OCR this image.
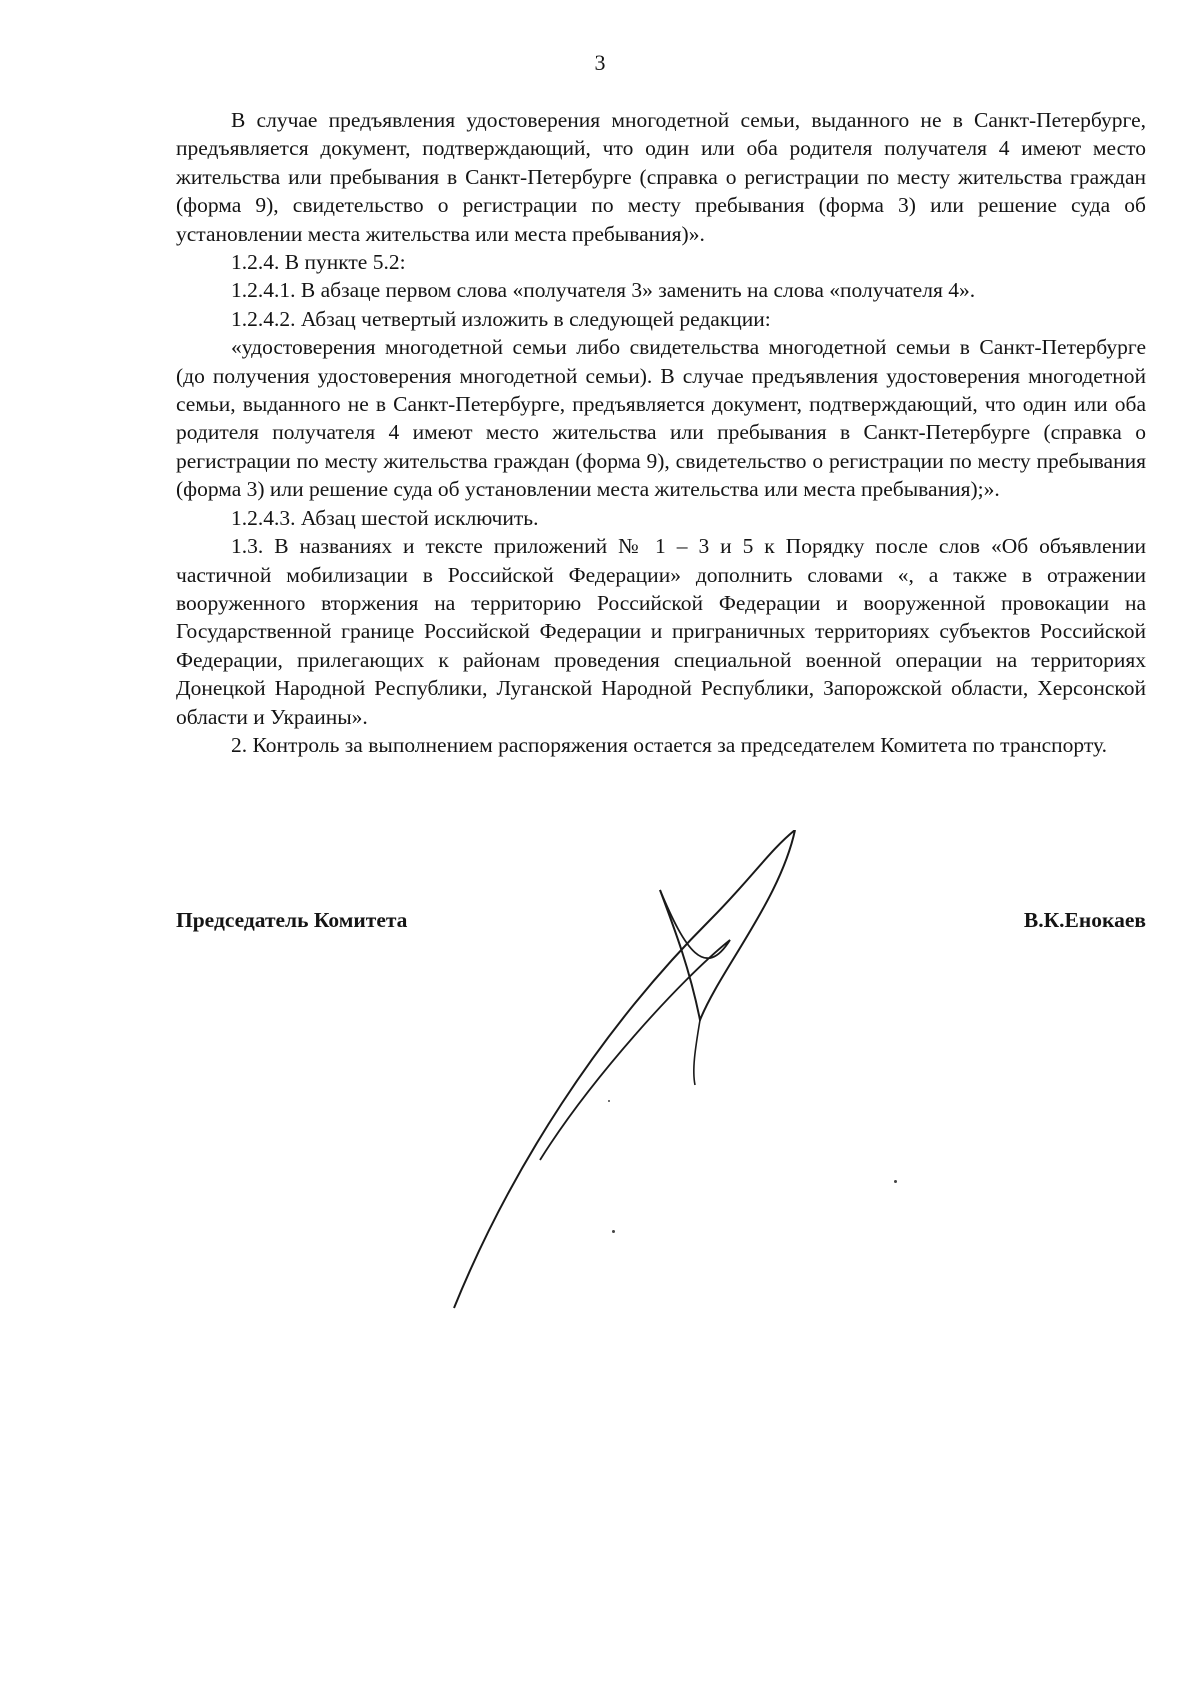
3

В случае предъявления удостоверения многодетной семьи, выданного не в Санкт-Петербурге, предъявляется документ, подтверждающий, что один или оба родителя получателя 4 имеют место жительства или пребывания в Санкт-Петербурге (справка о регистрации по месту жительства граждан (форма 9), свидетельство о регистрации по месту пребывания (форма 3) или решение суда об установлении места жительства или места пребывания)».

1.2.4. В пункте 5.2:

1.2.4.1. В абзаце первом слова «получателя 3» заменить на слова «получателя 4».

1.2.4.2. Абзац четвертый изложить в следующей редакции:

«удостоверения многодетной семьи либо свидетельства многодетной семьи в Санкт-Петербурге (до получения удостоверения многодетной семьи). В случае предъявления удостоверения многодетной семьи, выданного не в Санкт-Петербурге, предъявляется документ, подтверждающий, что один или оба родителя получателя 4 имеют место жительства или пребывания в Санкт-Петербурге (справка о регистрации по месту жительства граждан (форма 9), свидетельство о регистрации по месту пребывания (форма 3) или решение суда об установлении места жительства или места пребывания);».

1.2.4.3. Абзац шестой исключить.

1.3. В названиях и тексте приложений № 1 – 3 и 5 к Порядку после слов «Об объявлении частичной мобилизации в Российской Федерации» дополнить словами «, а также в отражении вооруженного вторжения на территорию Российской Федерации и вооруженной провокации на Государственной границе Российской Федерации и приграничных территориях субъектов Российской Федерации, прилегающих к районам проведения специальной военной операции на территориях Донецкой Народной Республики, Луганской Народной Республики, Запорожской области, Херсонской области и Украины».

2. Контроль за выполнением распоряжения остается за председателем Комитета по транспорту.

Председатель Комитета	В.К.Енокаев
